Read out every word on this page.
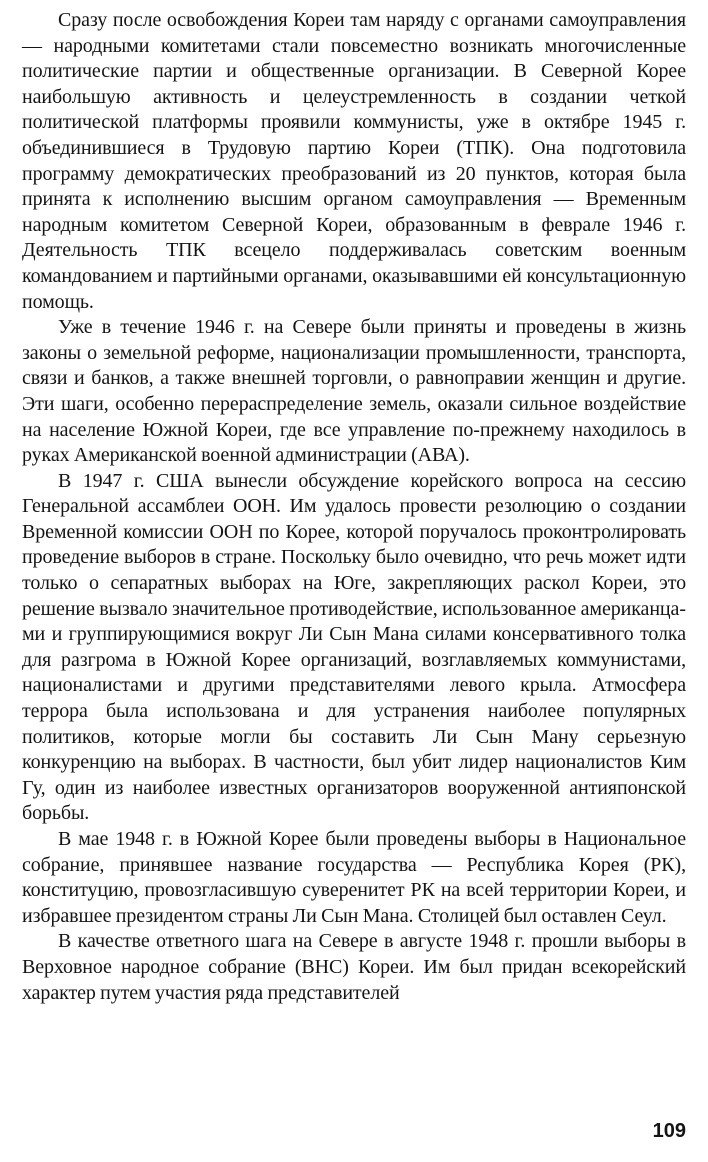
Сразу после освобождения Кореи там наряду с органами самоуправления — народными комитетами стали повсеместно возникать многочисленные политические партии и общественные организации. В Северной Корее наибольшую активность и целеустремленность в создании четкой политической платформы проявили коммунисты, уже в октябре 1945 г. объединившиеся в Трудовую партию Кореи (ТПК). Она подготовила программу демократических преобразований из 20 пунктов, которая была принята к исполнению высшим органом самоуправления — Временным народным комитетом Северной Кореи, образованным в феврале 1946 г. Деятельность ТПК всецело поддерживалась советским военным командованием и партийными органами, оказывавшими ей консультационную помощь.

Уже в течение 1946 г. на Севере были приняты и проведены в жизнь законы о земельной реформе, национализации промышленности, транспорта, связи и банков, а также внешней торговли, о равноправии женщин и другие. Эти шаги, особенно перераспределение земель, оказали сильное воздействие на население Южной Кореи, где все управление по-прежнему находилось в руках Американской военной администрации (АВА).

В 1947 г. США вынесли обсуждение корейского вопроса на сессию Генеральной ассамблеи ООН. Им удалось провести резолюцию о создании Временной комиссии ООН по Корее, которой поручалось проконтролировать проведение выборов в стране. Поскольку было очевидно, что речь может идти только о сепаратных выборах на Юге, закрепляющих раскол Кореи, это решение вызвало значительное противодействие, использованное американцами и группирующимися вокруг Ли Сын Мана силами консервативного толка для разгрома в Южной Корее организаций, возглавляемых коммунистами, националистами и другими представителями левого крыла. Атмосфера террора была использована и для устранения наиболее популярных политиков, которые могли бы составить Ли Сын Ману серьезную конкуренцию на выборах. В частности, был убит лидер националистов Ким Гу, один из наиболее известных организаторов вооруженной антияпонской борьбы.

В мае 1948 г. в Южной Корее были проведены выборы в Национальное собрание, принявшее название государства — Республика Корея (РК), конституцию, провозгласившую суверенитет РК на всей территории Кореи, и избравшее президентом страны Ли Сын Мана. Столицей был оставлен Сеул.

В качестве ответного шага на Севере в августе 1948 г. прошли выборы в Верховное народное собрание (ВНС) Кореи. Им был придан всекорейский характер путем участия ряда представителей

109
